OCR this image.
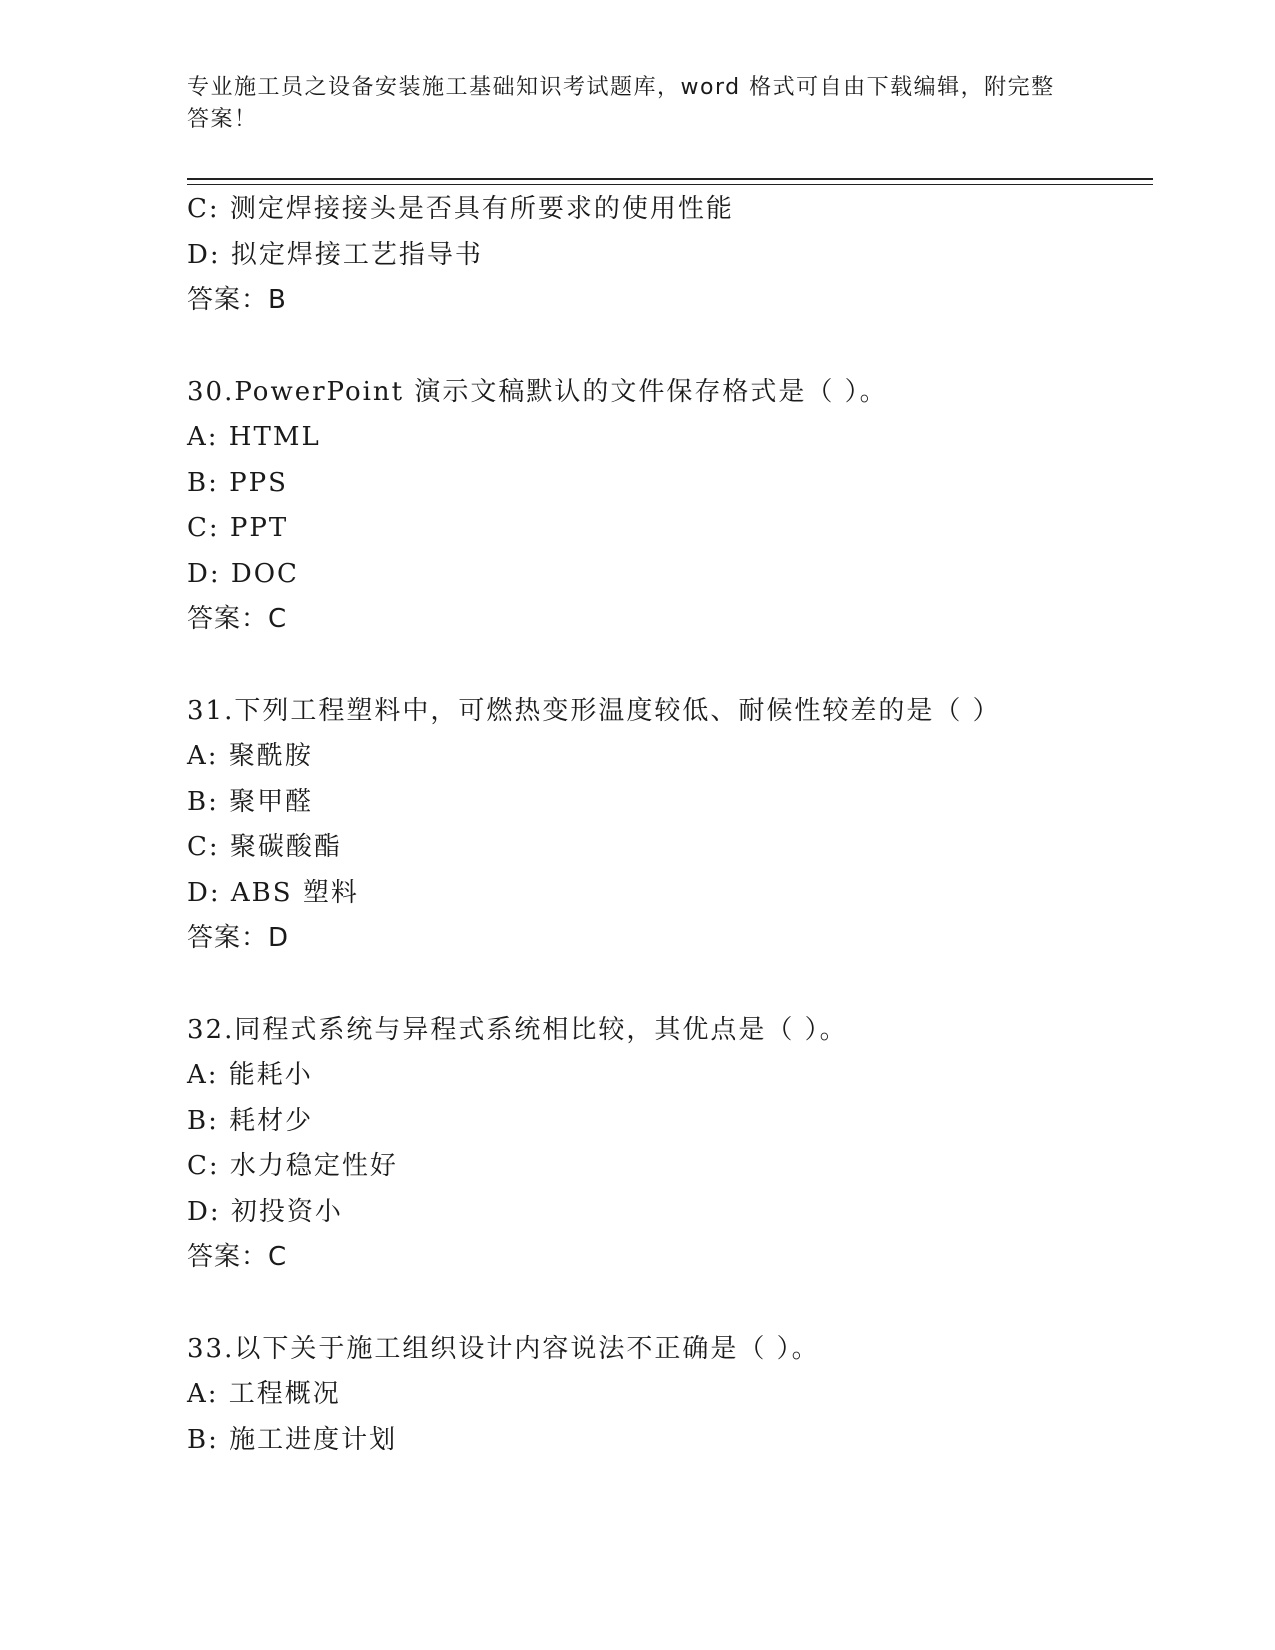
专业施工员之设备安装施工基础知识考试题库，word 格式可自由下载编辑，附完整答案！
C: 测定焊接接头是否具有所要求的使用性能
D: 拟定焊接工艺指导书
答案：B
30.PowerPoint 演示文稿默认的文件保存格式是（ ）。
A: HTML
B: PPS
C: PPT
D: DOC
答案：C
31.下列工程塑料中，可燃热变形温度较低、耐候性较差的是（ ）
A: 聚酰胺
B: 聚甲醛
C: 聚碳酸酯
D: ABS 塑料
答案：D
32.同程式系统与异程式系统相比较，其优点是（ ）。
A: 能耗小
B: 耗材少
C: 水力稳定性好
D: 初投资小
答案：C
33.以下关于施工组织设计内容说法不正确是（ ）。
A: 工程概况
B: 施工进度计划
